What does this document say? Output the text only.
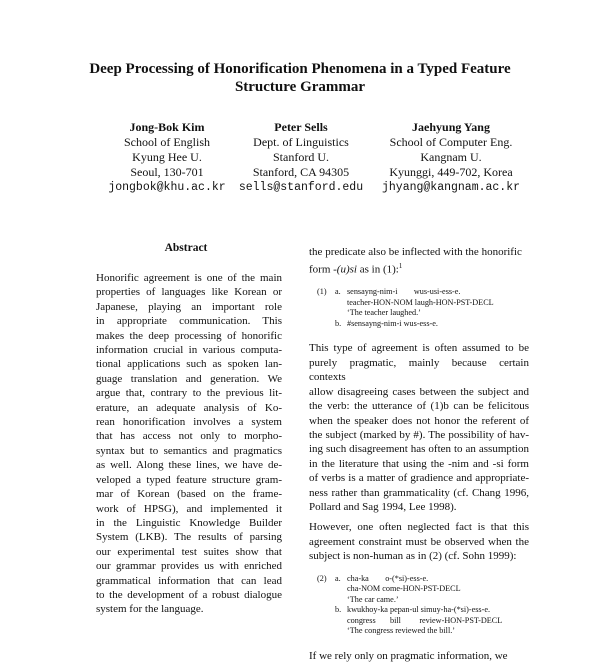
Deep Processing of Honorification Phenomena in a Typed Feature
Structure Grammar
Jong-Bok Kim
School of English
Kyung Hee U.
Seoul, 130-701
jongbok@khu.ac.kr
Peter Sells
Dept. of Linguistics
Stanford U.
Stanford, CA 94305
sells@stanford.edu
Jaehyung Yang
School of Computer Eng.
Kangnam U.
Kyunggi, 449-702, Korea
jhyang@kangnam.ac.kr
Abstract
Honorific agreement is one of the main
properties of languages like Korean or
Japanese, playing an important role
in appropriate communication. This
makes the deep processing of honorific
information crucial in various computa-
tional applications such as spoken lan-
guage translation and generation. We
argue that, contrary to the previous lit-
erature, an adequate analysis of Ko-
rean honorification involves a system
that has access not only to morpho-
syntax but to semantics and pragmatics
as well. Along these lines, we have de-
veloped a typed feature structure gram-
mar of Korean (based on the frame-
work of HPSG), and implemented it
in the Linguistic Knowledge Builder
System (LKB). The results of parsing
our experimental test suites show that
our grammar provides us with enriched
grammatical information that can lead
to the development of a robust dialogue
system for the language.
the predicate also be inflected with the honorific
form -(u)si as in (1):$^1$
(1) a. sensayng-nim-i        wus-usi-ess-e.
teacher-HON-NOM laugh-HON-PST-DECL
‘The teacher laughed.’
b. #sensayng-nim-i wus-ess-e.
This type of agreement is often assumed to be
purely pragmatic, mainly because certain contexts
allow disagreeing cases between the subject and
the verb: the utterance of (1)b can be felicitous
when the speaker does not honor the referent of
the subject (marked by #). The possibility of hav-
ing such disagreement has often to an assumption
in the literature that using the -nim and -si form
of verbs is a matter of gradience and appropriate-
ness rather than grammaticality (cf. Chang 1996,
Pollard and Sag 1994, Lee 1998).
However, one often neglected fact is that this
agreement constraint must be observed when the
subject is non-human as in (2) (cf. Sohn 1999):
(2) a. cha-ka        o-(*si)-ess-e.
cha-NOM come-HON-PST-DECL
‘The car came.’
b. kwukhoy-ka pepan-ul simuy-ha-(*si)-ess-e.
congress       bill         review-HON-PST-DECL
‘The congress reviewed the bill.’
If we rely only on pragmatic information, we
